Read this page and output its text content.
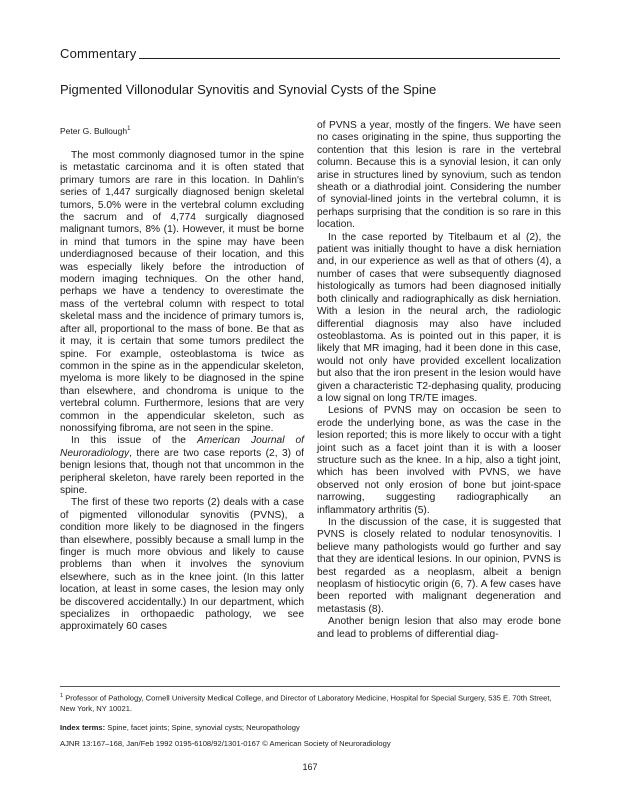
Commentary
Pigmented Villonodular Synovitis and Synovial Cysts of the Spine
Peter G. Bullough$^1$

The most commonly diagnosed tumor in the spine is metastatic carcinoma and it is often stated that primary tumors are rare in this location. In Dahlin's series of 1,447 surgically diagnosed benign skeletal tumors, 5.0% were in the vertebral column excluding the sacrum and of 4,774 surgically diagnosed malignant tumors, 8% (1). However, it must be borne in mind that tumors in the spine may have been underdiagnosed because of their location, and this was especially likely before the introduction of modern imaging techniques. On the other hand, perhaps we have a tendency to overestimate the mass of the vertebral column with respect to total skeletal mass and the incidence of primary tumors is, after all, proportional to the mass of bone. Be that as it may, it is certain that some tumors predilect the spine. For example, osteoblastoma is twice as common in the spine as in the appendicular skeleton, myeloma is more likely to be diagnosed in the spine than elsewhere, and chondroma is unique to the vertebral column. Furthermore, lesions that are very common in the appendicular skeleton, such as nonossifying fibroma, are not seen in the spine.

In this issue of the American Journal of Neuroradiology, there are two case reports (2, 3) of benign lesions that, though not that uncommon in the peripheral skeleton, have rarely been reported in the spine.

The first of these two reports (2) deals with a case of pigmented villonodular synovitis (PVNS), a condition more likely to be diagnosed in the fingers than elsewhere, possibly because a small lump in the finger is much more obvious and likely to cause problems than when it involves the synovium elsewhere, such as in the knee joint. (In this latter location, at least in some cases, the lesion may only be discovered accidentally.) In our department, which specializes in orthopaedic pathology, we see approximately 60 cases

of PVNS a year, mostly of the fingers. We have seen no cases originating in the spine, thus supporting the contention that this lesion is rare in the vertebral column. Because this is a synovial lesion, it can only arise in structures lined by synovium, such as tendon sheath or a diathrodial joint. Considering the number of synovial-lined joints in the vertebral column, it is perhaps surprising that the condition is so rare in this location.

In the case reported by Titelbaum et al (2), the patient was initially thought to have a disk herniation and, in our experience as well as that of others (4), a number of cases that were subsequently diagnosed histologically as tumors had been diagnosed initially both clinically and radiographically as disk herniation. With a lesion in the neural arch, the radiologic differential diagnosis may also have included osteoblastoma. As is pointed out in this paper, it is likely that MR imaging, had it been done in this case, would not only have provided excellent localization but also that the iron present in the lesion would have given a characteristic T2-dephasing quality, producing a low signal on long TR/TE images.

Lesions of PVNS may on occasion be seen to erode the underlying bone, as was the case in the lesion reported; this is more likely to occur with a tight joint such as a facet joint than it is with a looser structure such as the knee. In a hip, also a tight joint, which has been involved with PVNS, we have observed not only erosion of bone but joint-space narrowing, suggesting radiographically an inflammatory arthritis (5).

In the discussion of the case, it is suggested that PVNS is closely related to nodular tenosynovitis. I believe many pathologists would go further and say that they are identical lesions. In our opinion, PVNS is best regarded as a neoplasm, albeit a benign neoplasm of histiocytic origin (6, 7). A few cases have been reported with malignant degeneration and metastasis (8).

Another benign lesion that also may erode bone and lead to problems of differential diag-

$^1$ Professor of Pathology, Cornell University Medical College, and Director of Laboratory Medicine, Hospital for Special Surgery, 535 E. 70th Street, New York, NY 10021.
Index terms: Spine, facet joints; Spine, synovial cysts; Neuropathology
AJNR 13:167–168, Jan/Feb 1992 0195-6108/92/1301-0167 © American Society of Neuroradiology
167
